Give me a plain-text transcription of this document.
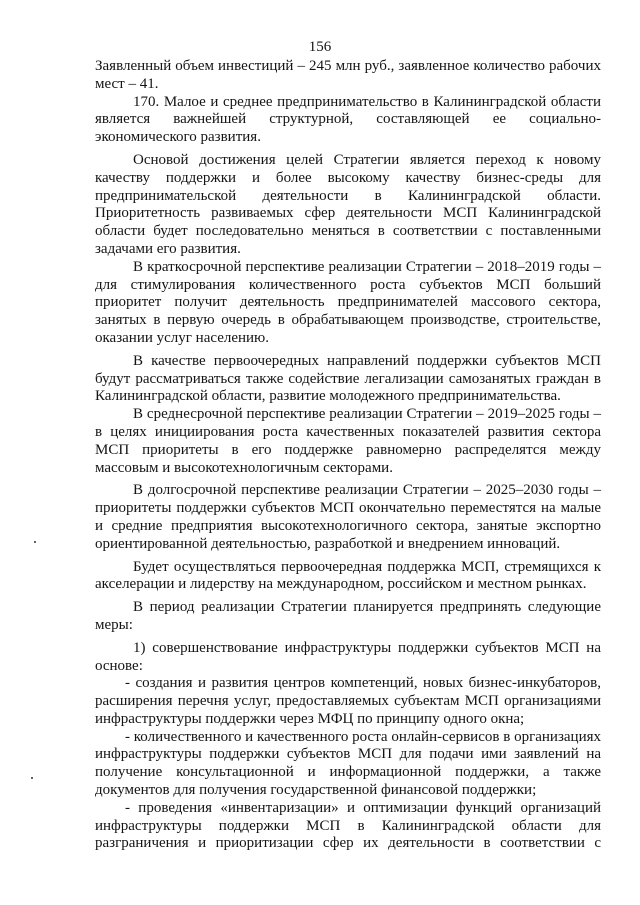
156

Заявленный объем инвестиций – 245 млн руб., заявленное количество рабочих мест – 41.

170. Малое и среднее предпринимательство в Калининградской области является важнейшей структурной, составляющей ее социально-экономического развития.

Основой достижения целей Стратегии является переход к новому качеству поддержки и более высокому качеству бизнес-среды для предпринимательской деятельности в Калининградской области. Приоритетность развиваемых сфер деятельности МСП Калининградской области будет последовательно меняться в соответствии с поставленными задачами его развития.

В краткосрочной перспективе реализации Стратегии – 2018–2019 годы – для стимулирования количественного роста субъектов МСП больший приоритет получит деятельность предпринимателей массового сектора, занятых в первую очередь в обрабатывающем производстве, строительстве, оказании услуг населению.

В качестве первоочередных направлений поддержки субъектов МСП будут рассматриваться также содействие легализации самозанятых граждан в Калининградской области, развитие молодежного предпринимательства.

В среднесрочной перспективе реализации Стратегии – 2019–2025 годы – в целях инициирования роста качественных показателей развития сектора МСП приоритеты в его поддержке равномерно распределятся между массовым и высокотехнологичным секторами.

В долгосрочной перспективе реализации Стратегии – 2025–2030 годы – приоритеты поддержки субъектов МСП окончательно переместятся на малые и средние предприятия высокотехнологичного сектора, занятые экспортно ориентированной деятельностью, разработкой и внедрением инноваций.

Будет осуществляться первоочередная поддержка МСП, стремящихся к акселерации и лидерству на международном, российском и местном рынках.

В период реализации Стратегии планируется предпринять следующие меры:

1) совершенствование инфраструктуры поддержки субъектов МСП на основе:

- создания и развития центров компетенций, новых бизнес-инкубаторов, расширения перечня услуг, предоставляемых субъектам МСП организациями инфраструктуры поддержки через МФЦ по принципу одного окна;

- количественного и качественного роста онлайн-сервисов в организациях инфраструктуры поддержки субъектов МСП для подачи ими заявлений на получение консультационной и информационной поддержки, а также документов для получения государственной финансовой поддержки;

- проведения «инвентаризации» и оптимизации функций организаций инфраструктуры поддержки МСП в Калининградской области для разграничения и приоритизации сфер их деятельности в соответствии с
